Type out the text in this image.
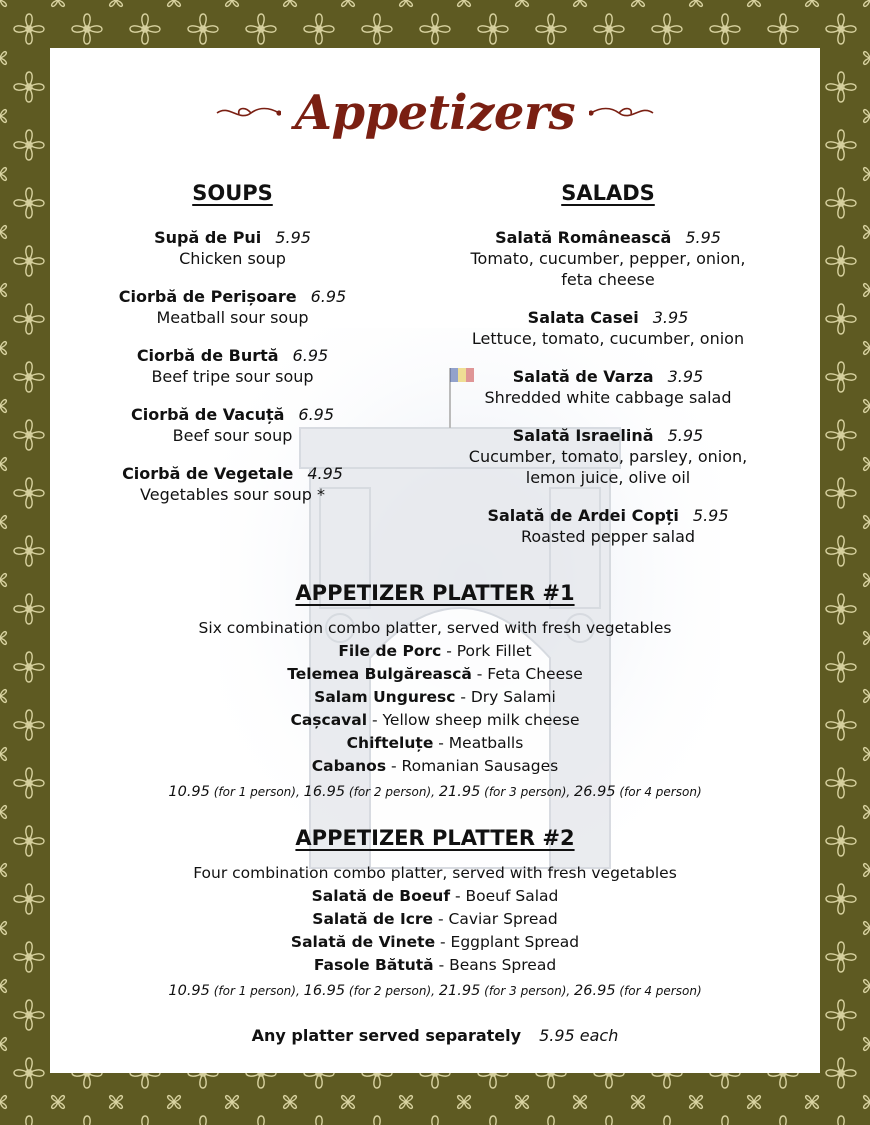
Appetizers
SOUPS
Supă de Pui 5.95
Chicken soup
Ciorbă de Perișoare 6.95
Meatball sour soup
Ciorbă de Burtă 6.95
Beef tripe sour soup
Ciorbă de Vacuță 6.95
Beef sour soup
Ciorbă de Vegetale 4.95
Vegetables sour soup *
SALADS
Salată Românească 5.95
Tomato, cucumber, pepper, onion,
feta cheese
Salata Casei 3.95
Lettuce, tomato, cucumber, onion
Salată de Varza 3.95
Shredded white cabbage salad
Salată Israelină 5.95
Cucumber, tomato, parsley, onion,
lemon juice, olive oil
Salată de Ardei Copți 5.95
Roasted pepper salad
APPETIZER PLATTER #1
Six combination combo platter, served with fresh vegetables
File de Porc - Pork Fillet
Telemea Bulgărească - Feta Cheese
Salam Unguresc - Dry Salami
Cașcaval - Yellow sheep milk cheese
Chifteluțe - Meatballs
Cabanos - Romanian Sausages
10.95 (for 1 person), 16.95 (for 2 person), 21.95 (for 3 person), 26.95 (for 4 person)
APPETIZER PLATTER #2
Four combination combo platter, served with fresh vegetables
Salată de Boeuf - Boeuf Salad
Salată de Icre - Caviar Spread
Salată de Vinete - Eggplant Spread
Fasole Bătută - Beans Spread
10.95 (for 1 person), 16.95 (for 2 person), 21.95 (for 3 person), 26.95 (for 4 person)
Any platter served separately 5.95 each
